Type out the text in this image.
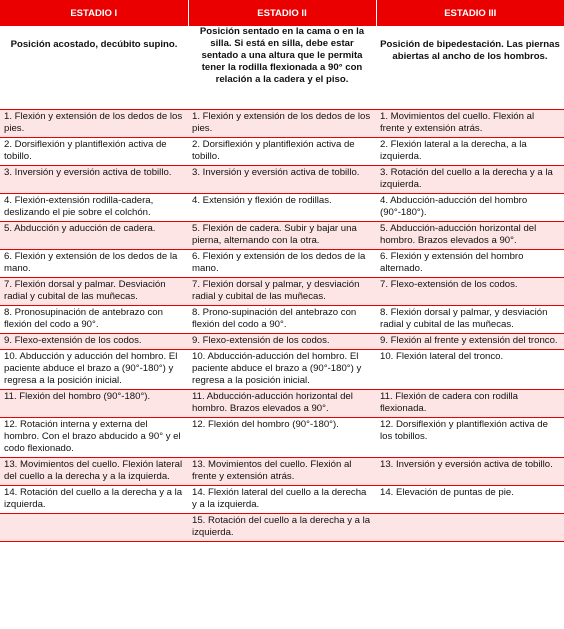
ESTADIO I	ESTADIO II	ESTADIO III
Posición acostado, decúbito supino.	Posición sentado en la cama o en la silla. Si está en silla, debe estar sentado a una altura que le permita tener la rodilla flexionada a 90° con relación a la cadera y el piso.	Posición de bipedestación. Las piernas abiertas al ancho de los hombros.
1. Flexión y extensión de los dedos de los pies.	1. Flexión y extensión de los dedos de los pies.	1. Movimientos del cuello. Flexión al frente y extensión atrás.
2. Dorsiflexión y plantiflexión activa de tobillo.	2. Dorsiflexión y plantiflexión activa de tobillo.	2. Flexión lateral a la derecha, a la izquierda.
3. Inversión y eversión activa de tobillo.	3. Inversión y eversión activa de tobillo.	3. Rotación del cuello a la derecha y a la izquierda.
4. Flexión-extensión rodilla-cadera, deslizando el pie sobre el colchón.	4. Extensión y flexión de rodillas.	4. Abducción-aducción del hombro (90°-180°).
5. Abducción y aducción de cadera.	5. Flexión de cadera. Subir y bajar una pierna, alternando con la otra.	5. Abducción-aducción horizontal del hombro. Brazos elevados a 90°.
6. Flexión y extensión de los dedos de la mano.	6. Flexión y extensión de los dedos de la mano.	6. Flexión y extensión del hombro alternado.
7. Flexión dorsal y palmar. Desviación radial y cubital de las muñecas.	7. Flexión dorsal y palmar, y desviación radial y cubital de las muñecas.	7. Flexo-extensión de los codos.
8. Pronosupinación de antebrazo con flexión del codo a 90°.	8. Prono-supinación del antebrazo con flexión del codo a 90°.	8. Flexión dorsal y palmar, y desviación radial y cubital de las muñecas.
9. Flexo-extensión de los codos.	9. Flexo-extensión de los codos.	9. Flexión al frente y extensión del tronco.
10. Abducción y aducción del hombro. El paciente abduce el brazo a (90°-180°) y regresa a la posición inicial.	10. Abducción-aducción del hombro. El paciente abduce el brazo a (90°-180°) y regresa a la posición inicial.	10. Flexión lateral del tronco.
11. Flexión del hombro (90°-180°).	11. Abducción-aducción horizontal del hombro. Brazos elevados a 90°.	11. Flexión de cadera con rodilla flexionada.
12. Rotación interna y externa del hombro. Con el brazo abducido a 90° y el codo flexionado.	12. Flexión del hombro (90°-180°).	12. Dorsiflexión y plantiflexión activa de los tobillos.
13. Movimientos del cuello. Flexión lateral del cuello a la derecha y a la izquierda.	13. Movimientos del cuello. Flexión al frente y extensión atrás.	13. Inversión y eversión activa de tobillo.
14. Rotación del cuello a la derecha y a la izquierda.	14. Flexión lateral del cuello a la derecha y a la izquierda.	14. Elevación de puntas de pie.
	15. Rotación del cuello a la derecha y a la izquierda.	
